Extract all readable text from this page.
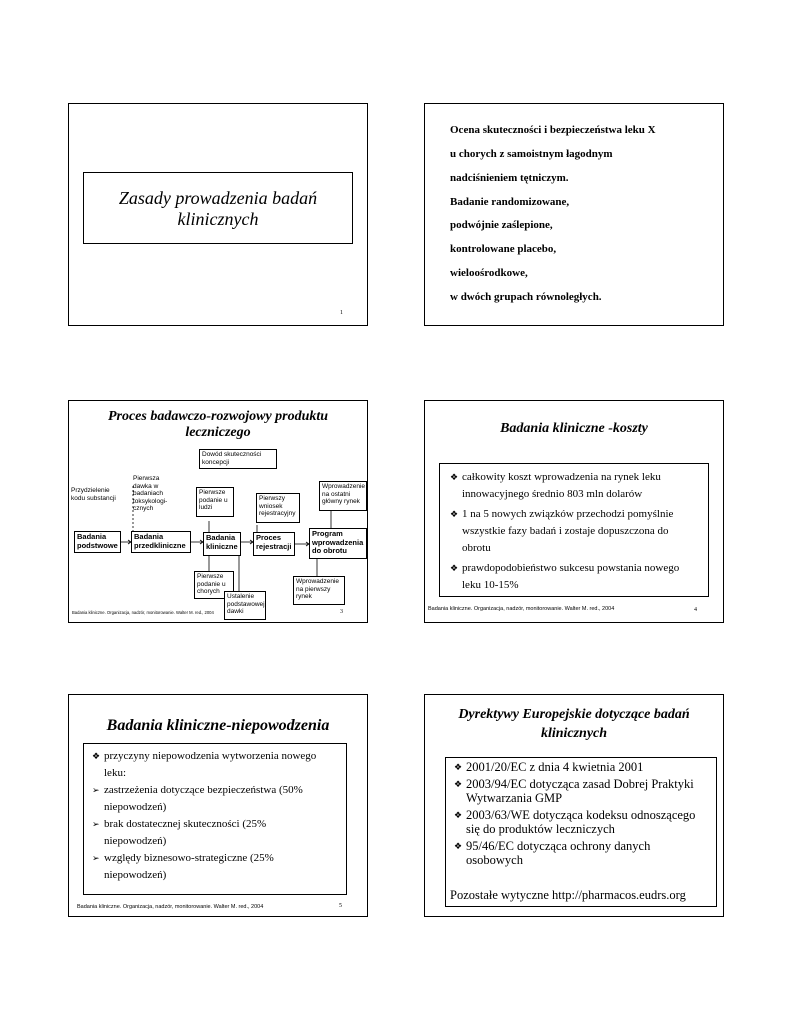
Zasady prowadzenia badań
klinicznych
1

Ocena skuteczności i bezpieczeństwa leku X

u chorych z samoistnym łagodnym

nadciśnieniem tętniczym.

Badanie randomizowane,

podwójnie zaślepione,

kontrolowane placebo,

wieloośrodkowe,

w dwóch grupach równoległych.

Proces badawczo-rozwojowy produktu
leczniczego
Dowód skuteczności
koncepcji
Przydzielenie
kodu substancji
Pierwsza
dawka w
badaniach
toksykologi-
cznych
Pierwsze
podanie u
ludzi
Pierwszy
wniosek
rejestracyjny
Wprowadzenie
na ostatni
główny rynek
Badania
podstwowe
Badania
przedkliniczne
Badania
kliniczne
Proces
rejestracji
Program
wprowadzenia
do obrotu
Pierwsze
podanie u
chorych
Ustalenie
podstawowej
dawki
Wprowadzenie
na pierwszy
rynek
Badania kliniczne. Organizacja, nadzór, monitorowanie. Walter M. red., 2004	3
Badania kliniczne -koszty
❖ całkowity koszt wprowadzenia na rynek leku
innowacyjnego średnio 803 mln dolarów
❖ 1 na 5 nowych związków przechodzi pomyślnie
wszystkie fazy badań i zostaje dopuszczona do
obrotu
❖ prawdopodobieństwo sukcesu powstania nowego
leku 10-15%
Badania kliniczne. Organizacja, nadzór, monitorowanie. Walter M. red., 2004	4
Badania kliniczne-niepowodzenia
❖ przyczyny niepowodzenia wytworzenia nowego
leku:
➢ zastrzeżenia dotyczące bezpieczeństwa (50%
niepowodzeń)
➢ brak dostatecznej skuteczności (25%
niepowodzeń)
➢ względy biznesowo-strategiczne (25%
niepowodzeń)
Badania kliniczne. Organizacja, nadzór, monitorowanie. Walter M. red., 2004	5
Dyrektywy Europejskie dotyczące badań
klinicznych
❖ 2001/20/EC z dnia 4 kwietnia 2001
❖ 2003/94/EC dotycząca zasad Dobrej Praktyki
Wytwarzania GMP
❖ 2003/63/WE dotycząca kodeksu odnoszącego
się do produktów leczniczych
❖ 95/46/EC dotycząca ochrony danych
osobowych
Pozostałe wytyczne http://pharmacos.eudrs.org
